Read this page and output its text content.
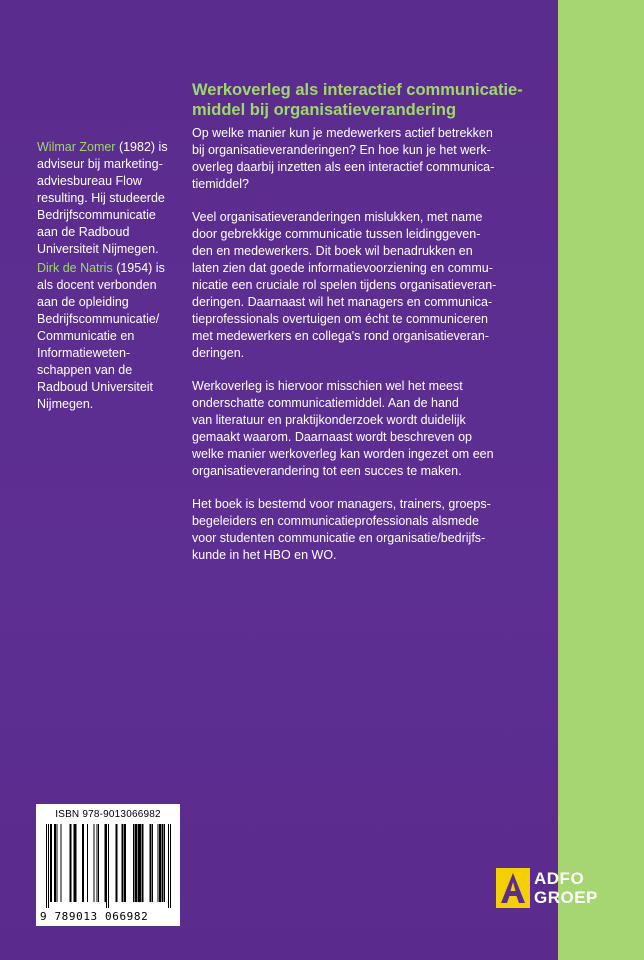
Werkoverleg als interactief communicatie-
middel bij organisatieverandering

Op welke manier kun je medewerkers actief betrekken
bij organisatieveranderingen? En hoe kun je het werk-
overleg daarbij inzetten als een interactief communica-
tiemiddel?

Veel organisatieveranderingen mislukken, met name
door gebrekkige communicatie tussen leidinggeven-
den en medewerkers. Dit boek wil benadrukken en
laten zien dat goede informatievoorziening en commu-
nicatie een cruciale rol spelen tijdens organisatieveran-
deringen. Daarnaast wil het managers en communica-
tieprofessionals overtuigen om écht te communiceren
met medewerkers en collega's rond organisatieveran-
deringen.

Werkoverleg is hiervoor misschien wel het meest
onderschatte communicatiemiddel. Aan de hand
van literatuur en praktijkonderzoek wordt duidelijk
gemaakt waarom. Daarnaast wordt beschreven op
welke manier werkoverleg kan worden ingezet om een
organisatieverandering tot een succes te maken.

Het boek is bestemd voor managers, trainers, groeps-
begeleiders en communicatieprofessionals alsmede
voor studenten communicatie en organisatie/bedrijfs-
kunde in het HBO en WO.

Wilmar Zomer (1982) is
adviseur bij marketing-
adviesbureau Flow
resulting. Hij studeerde
Bedrijfscommunicatie
aan de Radboud
Universiteit Nijmegen.
Dirk de Natris (1954) is
als docent verbonden
aan de opleiding
Bedrijfscommunicatie/
Communicatie en
Informatieweten-
schappen van de
Radboud Universiteit
Nijmegen.
ISBN 978-9013066982
9 789013 066982
ADFO
GROEP
